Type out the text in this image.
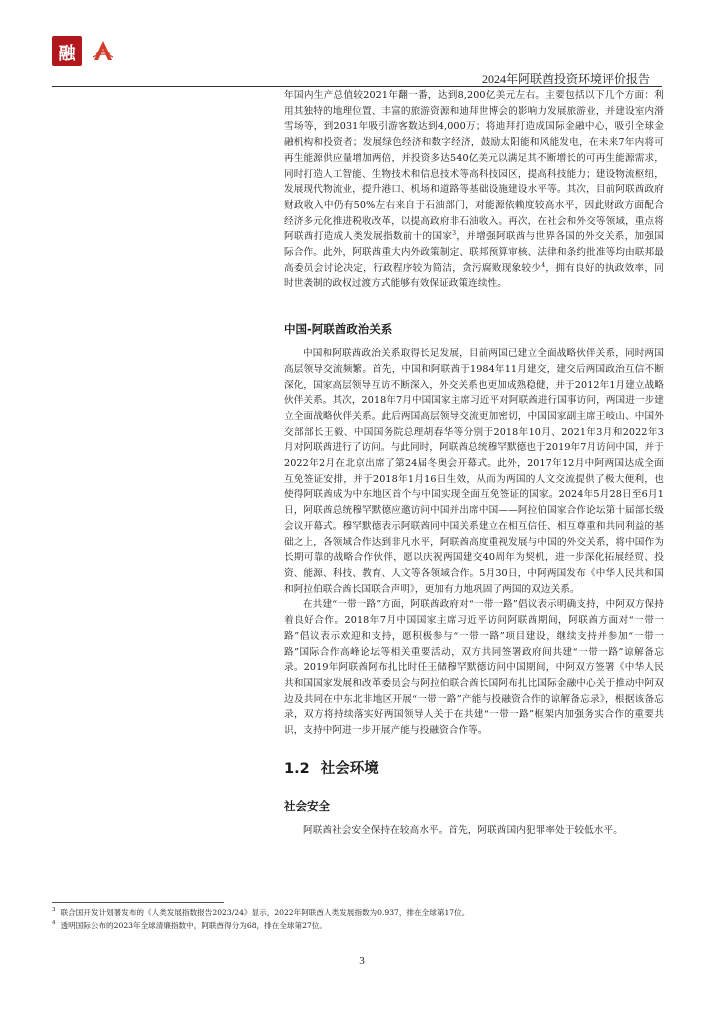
融
2024年阿联酋投资环境评价报告

年国内生产总值较2021年翻一番，达到8,200亿美元左右。主要包括以下几个方面：利用其独特的地理位置、丰富的旅游资源和迪拜世博会的影响力发展旅游业，并建设室内滑雪场等，到2031年吸引游客数达到4,000万；将迪拜打造成国际金融中心，吸引全球金融机构和投资者；发展绿色经济和数字经济，鼓励太阳能和风能发电，在未来7年内将可再生能源供应量增加两倍，并投资多达540亿美元以满足其不断增长的可再生能源需求，同时打造人工智能、生物技术和信息技术等高科技园区，提高科技能力；建设物流枢纽，发展现代物流业，提升港口、机场和道路等基础设施建设水平等。其次，目前阿联酋政府财政收入中仍有50%左右来自于石油部门，对能源依赖度较高水平，因此财政方面配合经济多元化推进税收改革，以提高政府非石油收入。再次，在社会和外交等领域，重点将阿联酋打造成人类发展指数前十的国家$^3$，并增强阿联酋与世界各国的外交关系，加强国际合作。此外，阿联酋重大内外政策制定、联邦预算审核、法律和条约批准等均由联邦最高委员会讨论决定，行政程序较为简洁，贪污腐败现象较少$^4$，拥有良好的执政效率，同时世袭制的政权过渡方式能够有效保证政策连续性。

中国-阿联酋政治关系

中国和阿联酋政治关系取得长足发展，目前两国已建立全面战略伙伴关系，同时两国高层领导交流频繁。首先，中国和阿联酋于1984年11月建交，建交后两国政治互信不断深化，国家高层领导互访不断深入，外交关系也更加成熟稳健，并于2012年1月建立战略伙伴关系。其次，2018年7月中国国家主席习近平对阿联酋进行国事访问，两国进一步建立全面战略伙伴关系。此后两国高层领导交流更加密切，中国国家副主席王岐山、中国外交部部长王毅、中国国务院总理胡春华等分别于2018年10月、2021年3月和2022年3月对阿联酋进行了访问。与此同时，阿联酋总统穆罕默德也于2019年7月访问中国，并于2022年2月在北京出席了第24届冬奥会开幕式。此外，2017年12月中阿两国达成全面互免签证安排，并于2018年1月16日生效，从而为两国的人文交流提供了极大便利，也使得阿联酋成为中东地区首个与中国实现全面互免签证的国家。2024年5月28日至6月1日，阿联酋总统穆罕默德应邀访问中国并出席中国——阿拉伯国家合作论坛第十届部长级会议开幕式。穆罕默德表示阿联酋同中国关系建立在相互信任、相互尊重和共同利益的基础之上，各领域合作达到非凡水平，阿联酋高度重视发展与中国的外交关系，将中国作为长期可靠的战略合作伙伴，愿以庆祝两国建交40周年为契机，进一步深化拓展经贸、投资、能源、科技、教育、人文等各领域合作。5月30日，中阿两国发布《中华人民共和国和阿拉伯联合酋长国联合声明》，更加有力地巩固了两国的双边关系。

在共建“一带一路”方面，阿联酋政府对“一带一路”倡议表示明确支持，中阿双方保持着良好合作。2018年7月中国国家主席习近平访问阿联酋期间，阿联酋方面对“一带一路”倡议表示欢迎和支持，愿积极参与“一带一路”项目建设，继续支持并参加“一带一路”国际合作高峰论坛等相关重要活动，双方共同签署政府间共建“一带一路”谅解备忘录。2019年阿联酋阿布扎比时任王储穆罕默德访问中国期间，中阿双方签署《中华人民共和国国家发展和改革委员会与阿拉伯联合酋长国阿布扎比国际金融中心关于推动中阿双边及共同在中东北非地区开展“一带一路”产能与投融资合作的谅解备忘录》，根据该备忘录，双方将持续落实好两国领导人关于在共建“一带一路”框架内加强务实合作的重要共识，支持中阿进一步开展产能与投融资合作等。

1.2 社会环境

社会安全

阿联酋社会安全保持在较高水平。首先，阿联酋国内犯罪率处于较低水平。

$^3$ 联合国开发计划署发布的《人类发展指数报告2023/24》显示，2022年阿联酋人类发展指数为0.937，排在全球第17位。

$^4$ 透明国际公布的2023年全球清廉指数中，阿联酋得分为68，排在全球第27位。

3
